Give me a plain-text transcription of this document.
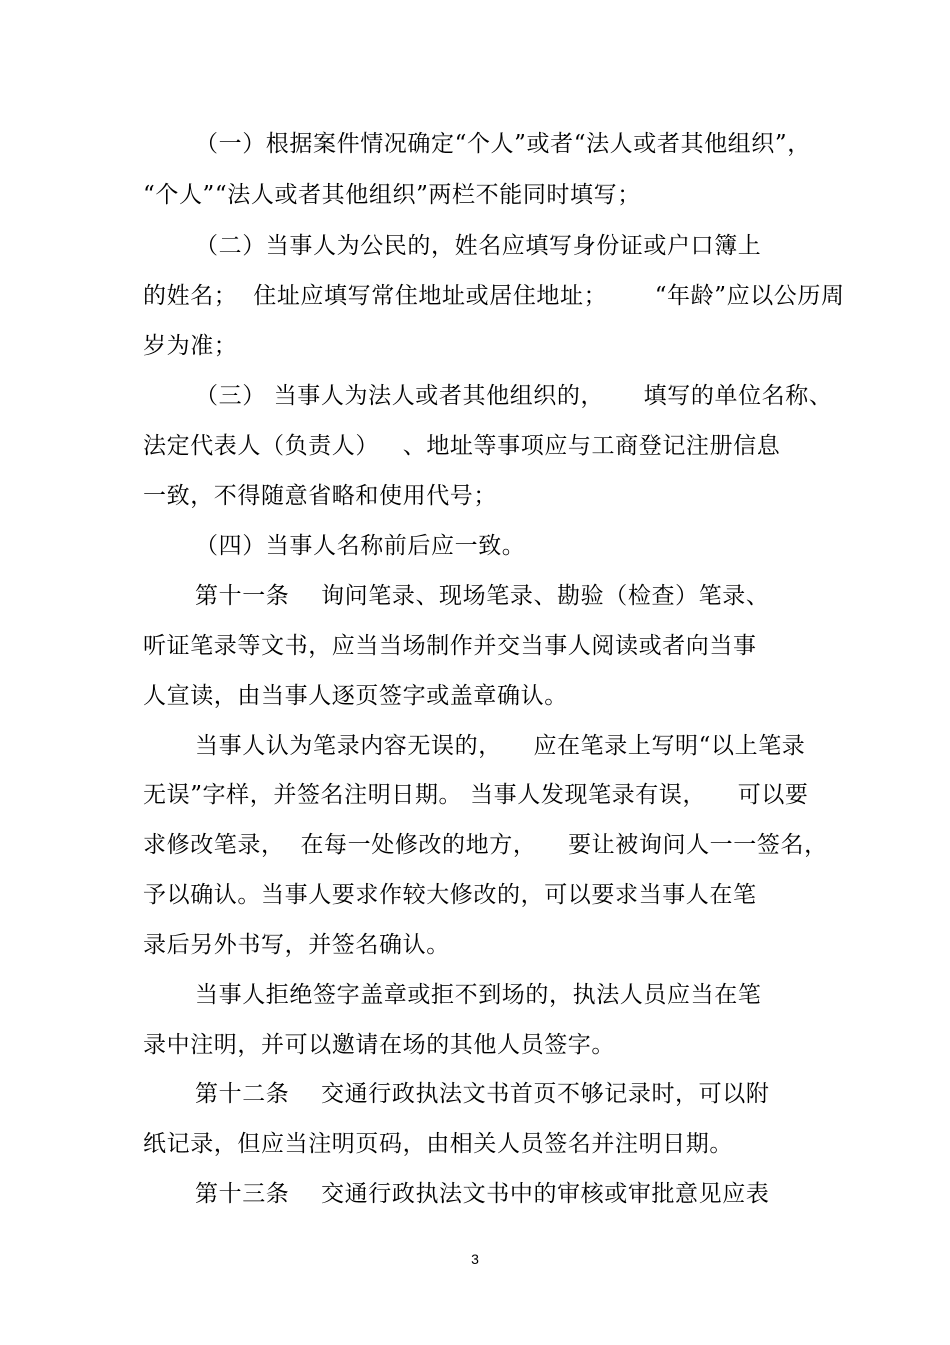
（一）根据案件情况确定“个人”或者“法人或者其他组织”，
“个人”“法人或者其他组织”两栏不能同时填写；
（二）当事人为公民的，姓名应填写身份证或户口簿上
的姓名；  住址应填写常住地址或居住地址；      “年龄”应以公历周
岁为准；
（三） 当事人为法人或者其他组织的，     填写的单位名称、
法定代表人（负责人）   、地址等事项应与工商登记注册信息
一致，不得随意省略和使用代号；
（四）当事人名称前后应一致。
第十一条    询问笔录、现场笔录、勘验（检查）笔录、
听证笔录等文书，应当当场制作并交当事人阅读或者向当事
人宣读，由当事人逐页签字或盖章确认。
当事人认为笔录内容无误的，    应在笔录上写明“以上笔录
无误”字样，并签名注明日期。 当事人发现笔录有误，    可以要
求修改笔录，  在每一处修改的地方，    要让被询问人一一签名，
予以确认。当事人要求作较大修改的，可以要求当事人在笔
录后另外书写，并签名确认。
当事人拒绝签字盖章或拒不到场的，执法人员应当在笔
录中注明，并可以邀请在场的其他人员签字。
第十二条    交通行政执法文书首页不够记录时，可以附
纸记录，但应当注明页码，由相关人员签名并注明日期。
第十三条    交通行政执法文书中的审核或审批意见应表
3
